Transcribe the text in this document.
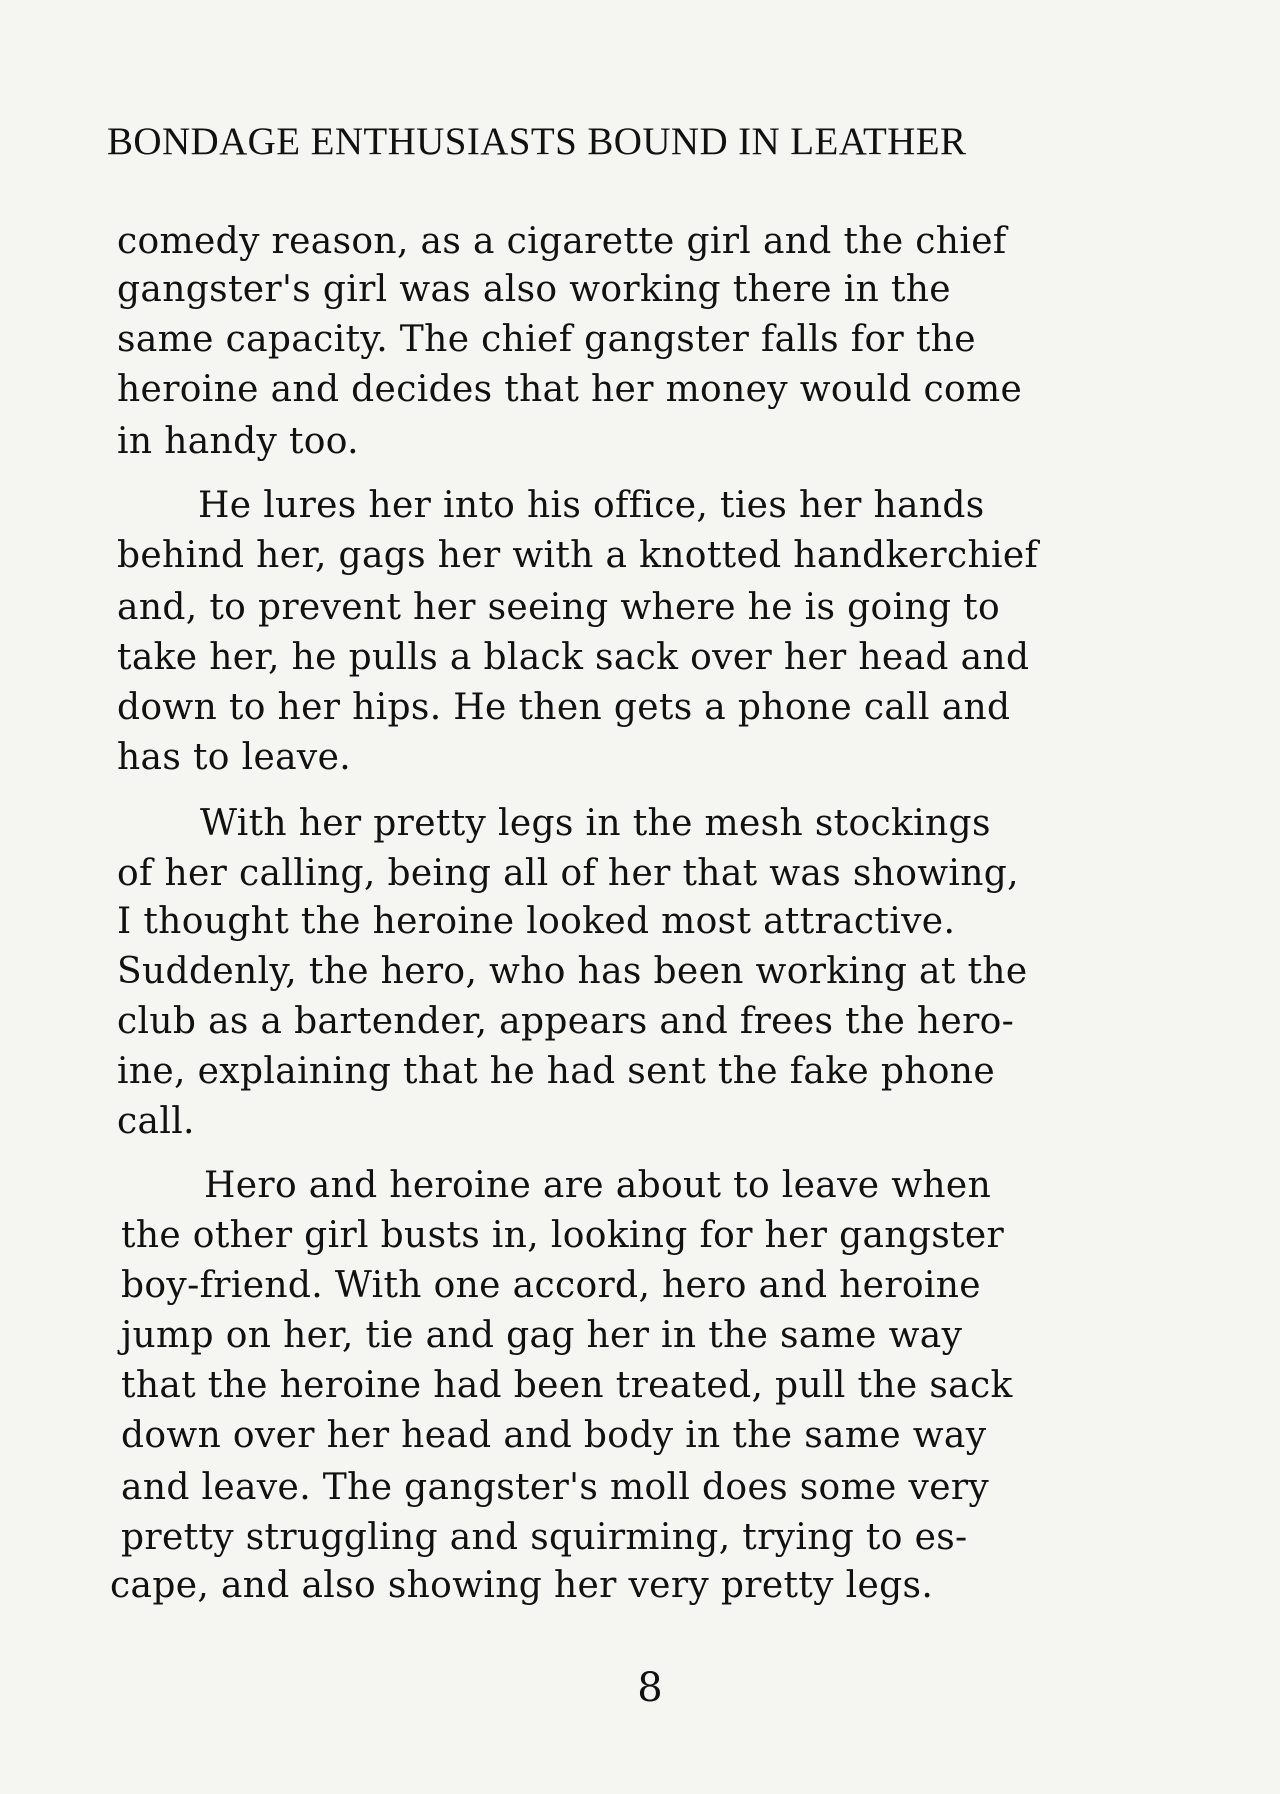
BONDAGE ENTHUSIASTS BOUND IN LEATHER
comedy reason, as a cigarette girl and the chief
gangster's girl was also working there in the
same capacity. The chief gangster falls for the
heroine and decides that her money would come
in handy too.
He lures her into his office, ties her hands
behind her, gags her with a knotted handkerchief
and, to prevent her seeing where he is going to
take her, he pulls a black sack over her head and
down to her hips. He then gets a phone call and
has to leave.
With her pretty legs in the mesh stockings
of her calling, being all of her that was showing,
I thought the heroine looked most attractive.
Suddenly, the hero, who has been working at the
club as a bartender, appears and frees the hero-
ine, explaining that he had sent the fake phone
call.
Hero and heroine are about to leave when
the other girl busts in, looking for her gangster
boy-friend. With one accord, hero and heroine
jump on her, tie and gag her in the same way
that the heroine had been treated, pull the sack
down over her head and body in the same way
and leave. The gangster's moll does some very
pretty struggling and squirming, trying to es-
cape, and also showing her very pretty legs.
8
